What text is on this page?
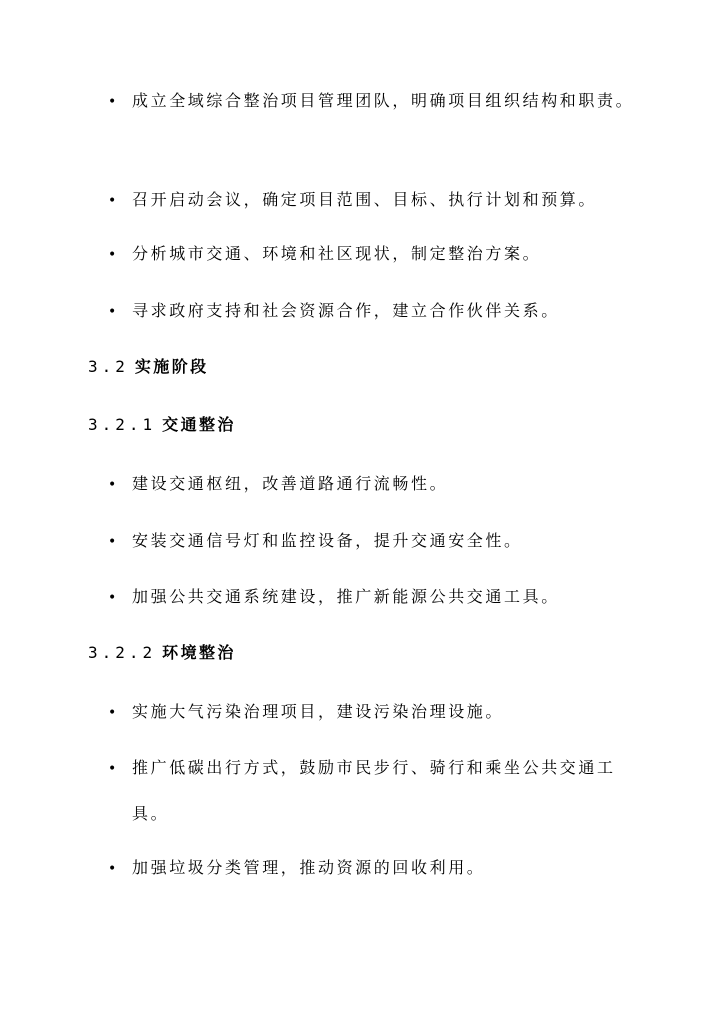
• 成立全域综合整治项目管理团队，明确项目组织结构和职责。
• 召开启动会议，确定项目范围、目标、执行计划和预算。
• 分析城市交通、环境和社区现状，制定整治方案。
• 寻求政府支持和社会资源合作，建立合作伙伴关系。
3.2 实施阶段
3.2.1 交通整治
• 建设交通枢纽，改善道路通行流畅性。
• 安装交通信号灯和监控设备，提升交通安全性。
• 加强公共交通系统建设，推广新能源公共交通工具。
3.2.2 环境整治
• 实施大气污染治理项目，建设污染治理设施。
• 推广低碳出行方式，鼓励市民步行、骑行和乘坐公共交通工具。
• 加强垃圾分类管理，推动资源的回收利用。
